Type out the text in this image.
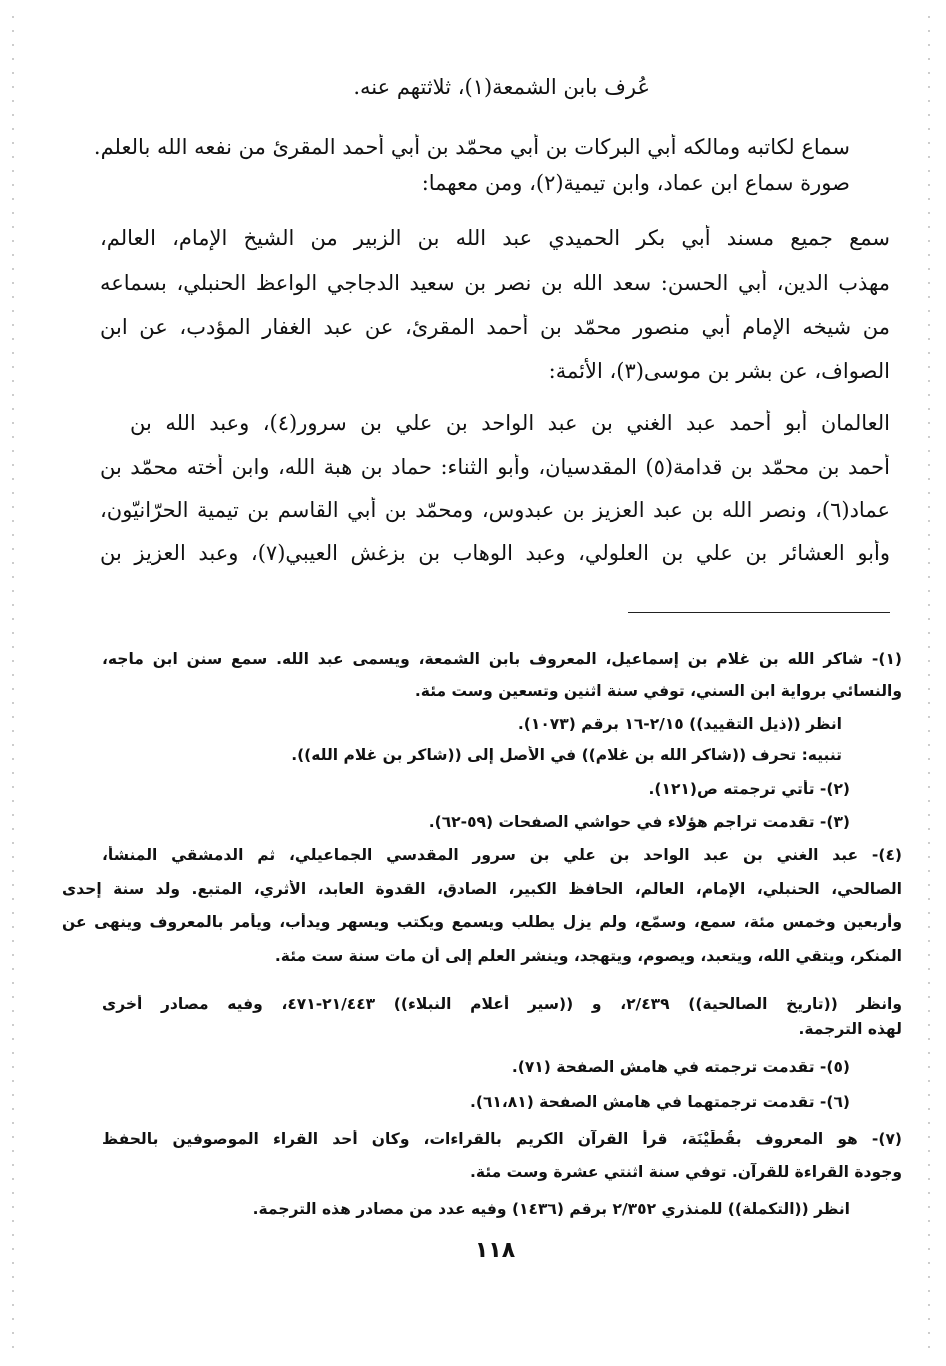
عُرف بابن الشمعة(١)، ثلاثتهم عنه.
سماع لكاتبه ومالكه أبي البركات بن أبي محمّد بن أبي أحمد المقرئ من نفعه الله بالعلم.
صورة سماع ابن عماد، وابن تيمية(٢)، ومن معهما:
سمع جميع مسند أبي بكر الحميدي عبد الله بن الزبير من الشيخ الإمام، العالم،
مهذب الدين، أبي الحسن: سعد الله بن نصر بن سعيد الدجاجي الواعظ الحنبلي، بسماعه
من شيخه الإمام أبي منصور محمّد بن أحمد المقرئ، عن عبد الغفار المؤدب، عن ابن
الصواف، عن بشر بن موسى(٣)، الأئمة:
العالمان أبو أحمد عبد الغني بن عبد الواحد بن علي بن سرور(٤)، وعبد الله بن
أحمد بن محمّد بن قدامة(٥) المقدسيان، وأبو الثناء: حماد بن هبة الله، وابن أخته محمّد بن
عماد(٦)، ونصر الله بن عبد العزيز بن عبدوس، ومحمّد بن أبي القاسم بن تيمية الحرّانيّون،
وأبو العشائر بن علي بن العلولي، وعبد الوهاب بن بزغش العيبي(٧)، وعبد العزيز بن
(١)- شاكر الله بن غلام بن إسماعيل، المعروف بابن الشمعة، ويسمى عبد الله. سمع سنن ابن ماجه،
والنسائي برواية ابن السني، توفي سنة اثنين وتسعين وست مئة.
انظر ((ذيل التقييد)) ٢/١٥-١٦ برقم (١٠٧٣).
تنبيه: تحرف ((شاكر الله بن غلام)) في الأصل إلى ((شاكر بن غلام الله)).
(٢)- تأتي ترجمته ص(١٢١).
(٣)- تقدمت تراجم هؤلاء في حواشي الصفحات (٥٩-٦٢).
(٤)- عبد الغني بن عبد الواحد بن علي بن سرور المقدسي الجماعيلي، ثم الدمشقي المنشأ،
الصالحي، الحنبلي، الإمام، العالم، الحافظ الكبير، الصادق، القدوة العابد، الأثري، المتبع. ولد سنة إحدى
وأربعين وخمس مئة، سمع، وسمّع، ولم يزل يطلب ويسمع ويكتب ويسهر ويدأب، ويأمر بالمعروف وينهى عن
المنكر، ويتقي الله، ويتعبد، ويصوم، ويتهجد، وينشر العلم إلى أن مات سنة ست مئة.
وانظر ((تاريخ الصالحية)) ٢/٤٣٩، و ((سير أعلام النبلاء)) ٢١/٤٤٣-٤٧١، وفيه مصادر أخرى
لهذه الترجمة.
(٥)- تقدمت ترجمته في هامش الصفحة (٧١).
(٦)- تقدمت ترجمتهما في هامش الصفحة (٦١،٨١).
(٧)- هو المعروف بقُطَيْنَة، قرأ القرآن الكريم بالقراءات، وكان أحد القراء الموصوفين بالحفظ
وجودة القراءة للقرآن. توفي سنة اثنتي عشرة وست مئة.
انظر ((التكملة)) للمنذري ٢/٣٥٢ برقم (١٤٣٦) وفيه عدد من مصادر هذه الترجمة.
١١٨
